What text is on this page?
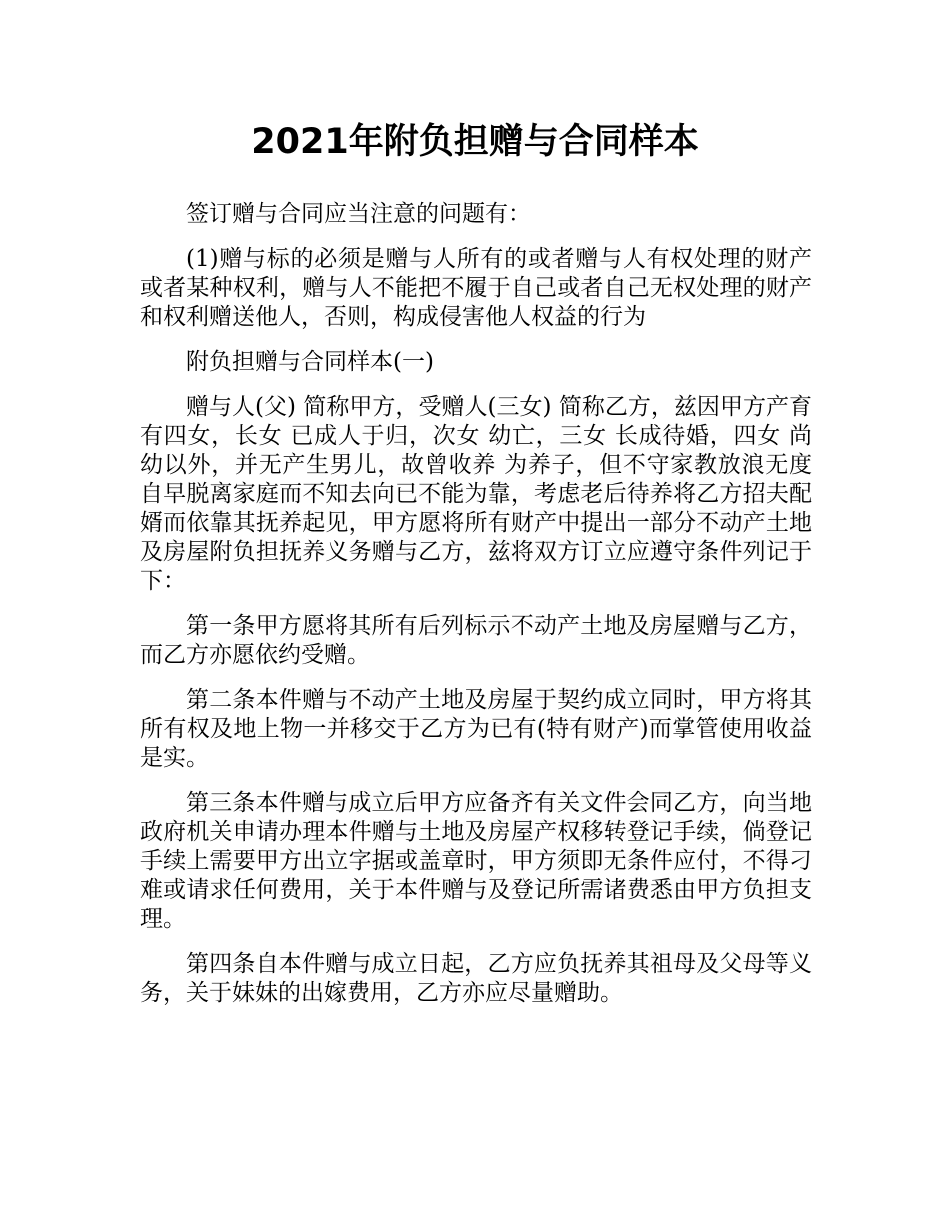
2021年附负担赠与合同样本

签订赠与合同应当注意的问题有：

(1)赠与标的必须是赠与人所有的或者赠与人有权处理的财产或者某种权利，赠与人不能把不履于自己或者自己无权处理的财产和权利赠送他人，否则，构成侵害他人权益的行为

附负担赠与合同样本(一)

赠与人(父) 简称甲方，受赠人(三女) 简称乙方，兹因甲方产育有四女，长女 已成人于归，次女 幼亡，三女 长成待婚，四女 尚幼以外，并无产生男儿，故曾收养 为养子，但不守家教放浪无度自早脱离家庭而不知去向已不能为靠，考虑老后待养将乙方招夫配婿而依靠其抚养起见，甲方愿将所有财产中提出一部分不动产土地及房屋附负担抚养义务赠与乙方，兹将双方订立应遵守条件列记于下：

第一条甲方愿将其所有后列标示不动产土地及房屋赠与乙方，而乙方亦愿依约受赠。

第二条本件赠与不动产土地及房屋于契约成立同时，甲方将其所有权及地上物一并移交于乙方为已有(特有财产)而掌管使用收益是实。

第三条本件赠与成立后甲方应备齐有关文件会同乙方，向当地政府机关申请办理本件赠与土地及房屋产权移转登记手续，倘登记手续上需要甲方出立字据或盖章时，甲方须即无条件应付，不得刁难或请求任何费用，关于本件赠与及登记所需诸费悉由甲方负担支理。

第四条自本件赠与成立日起，乙方应负抚养其祖母及父母等义务，关于妹妹的出嫁费用，乙方亦应尽量赠助。
